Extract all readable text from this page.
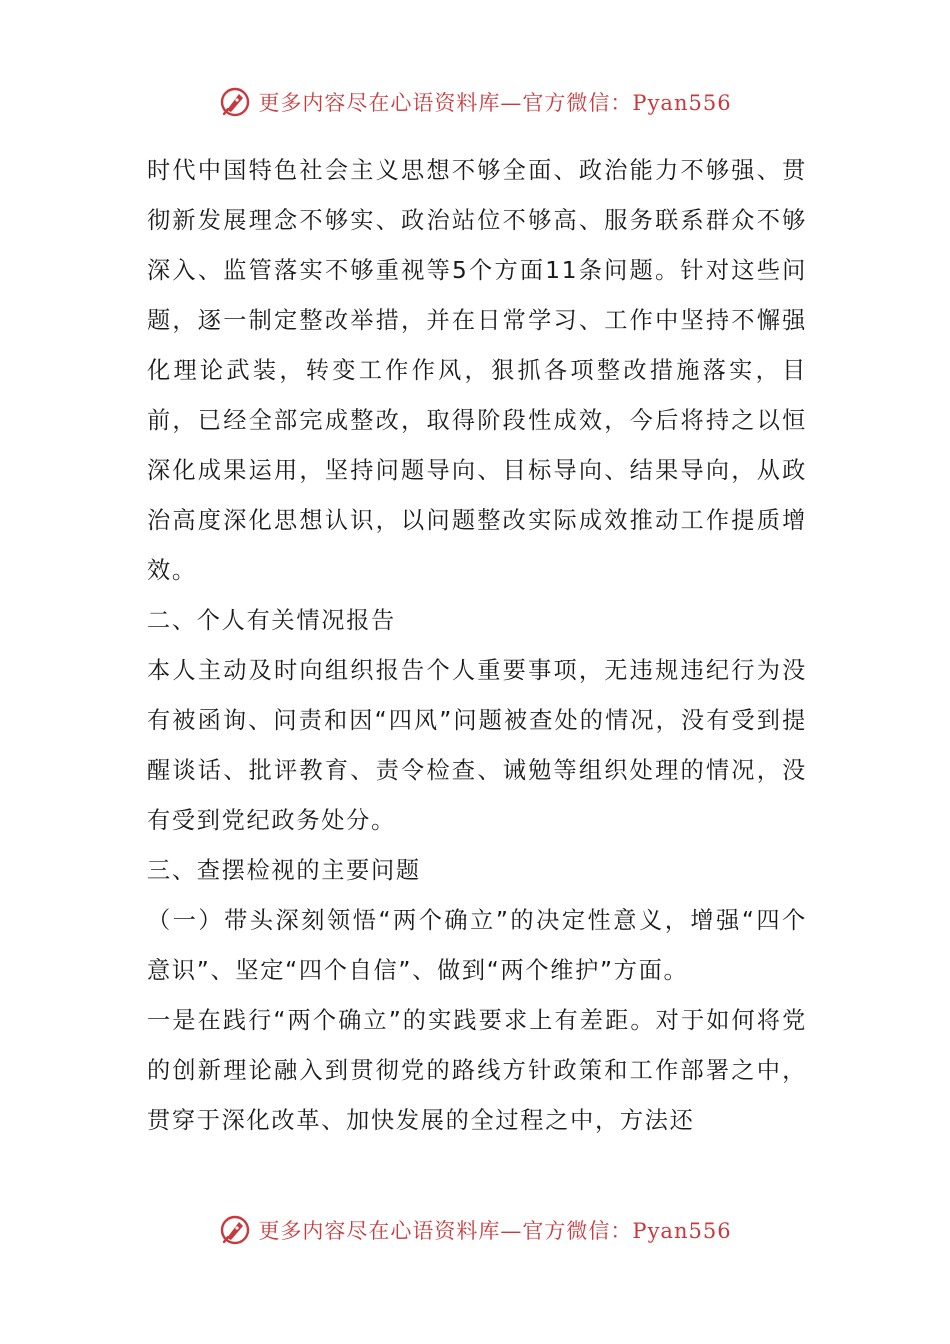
更多内容尽在心语资料库—官方微信：Pyan556

时代中国特色社会主义思想不够全面、政治能力不够强、贯彻新发展理念不够实、政治站位不够高、服务联系群众不够深入、监管落实不够重视等5个方面11条问题。针对这些问题，逐一制定整改举措，并在日常学习、工作中坚持不懈强化理论武装，转变工作作风，狠抓各项整改措施落实，目前，已经全部完成整改，取得阶段性成效，今后将持之以恒深化成果运用，坚持问题导向、目标导向、结果导向，从政治高度深化思想认识，以问题整改实际成效推动工作提质增效。

二、个人有关情况报告

本人主动及时向组织报告个人重要事项，无违规违纪行为没有被函询、问责和因“四风”问题被查处的情况，没有受到提醒谈话、批评教育、责令检查、诫勉等组织处理的情况，没有受到党纪政务处分。

三、查摆检视的主要问题

（一）带头深刻领悟“两个确立”的决定性意义，增强“四个意识”、坚定“四个自信”、做到“两个维护”方面。

一是在践行“两个确立”的实践要求上有差距。对于如何将党的创新理论融入到贯彻党的路线方针政策和工作部署之中，贯穿于深化改革、加快发展的全过程之中，方法还

更多内容尽在心语资料库—官方微信：Pyan556
